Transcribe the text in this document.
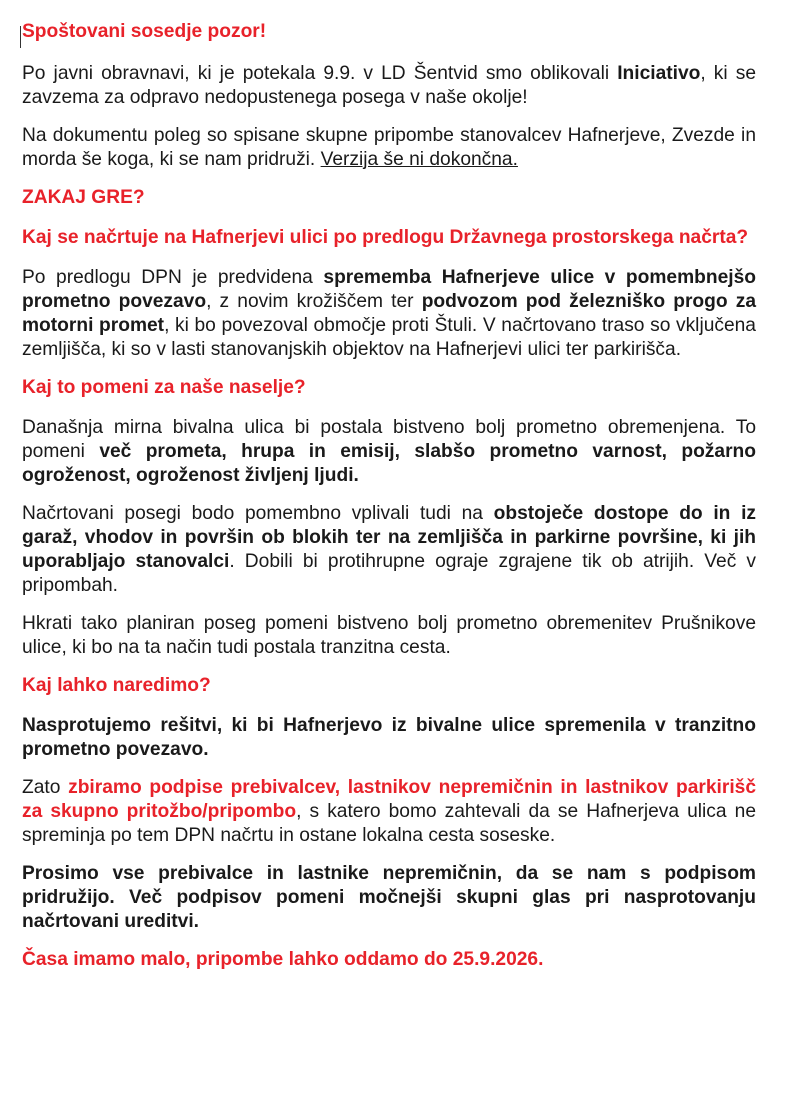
Spoštovani sosedje pozor!

Po javni obravnavi, ki je potekala 9.9. v LD Šentvid smo oblikovali Iniciativo, ki se zavzema za odpravo nedopustenega posega v naše okolje!

Na dokumentu poleg so spisane skupne pripombe stanovalcev Hafnerjeve, Zvezde in morda še koga, ki se nam pridruži. Verzija še ni dokončna.

ZAKAJ GRE?

Kaj se načrtuje na Hafnerjevi ulici po predlogu Državnega prostorskega načrta?

Po predlogu DPN je predvidena sprememba Hafnerjeve ulice v pomembnejšo prometno povezavo, z novim krožiščem ter podvozom pod železniško progo za motorni promet, ki bo povezoval območje proti Štuli. V načrtovano traso so vključena zemljišča, ki so v lasti stanovanjskih objektov na Hafnerjevi ulici ter parkirišča.

Kaj to pomeni za naše naselje?

Današnja mirna bivalna ulica bi postala bistveno bolj prometno obremenjena. To pomeni več prometa, hrupa in emisij, slabšo prometno varnost, požarno ogroženost, ogroženost življenj ljudi.

Načrtovani posegi bodo pomembno vplivali tudi na obstoječe dostope do in iz garaž, vhodov in površin ob blokih ter na zemljišča in parkirne površine, ki jih uporabljajo stanovalci. Dobili bi protihrupne ograje zgrajene tik ob atrijih. Več v pripombah.

Hkrati tako planiran poseg pomeni bistveno bolj prometno obremenitev Prušnikove ulice, ki bo na ta način tudi postala tranzitna cesta.

Kaj lahko naredimo?

Nasprotujemo rešitvi, ki bi Hafnerjevo iz bivalne ulice spremenila v tranzitno prometno povezavo.

Zato zbiramo podpise prebivalcev, lastnikov nepremičnin in lastnikov parkirišč za skupno pritožbo/pripombo, s katero bomo zahtevali da se Hafnerjeva ulica ne spreminja po tem DPN načrtu in ostane lokalna cesta soseske.

Prosimo vse prebivalce in lastnike nepremičnin, da se nam s podpisom pridružijo. Več podpisov pomeni močnejši skupni glas pri nasprotovanju načrtovani ureditvi.

Časa imamo malo, pripombe lahko oddamo do 25.9.2026.
